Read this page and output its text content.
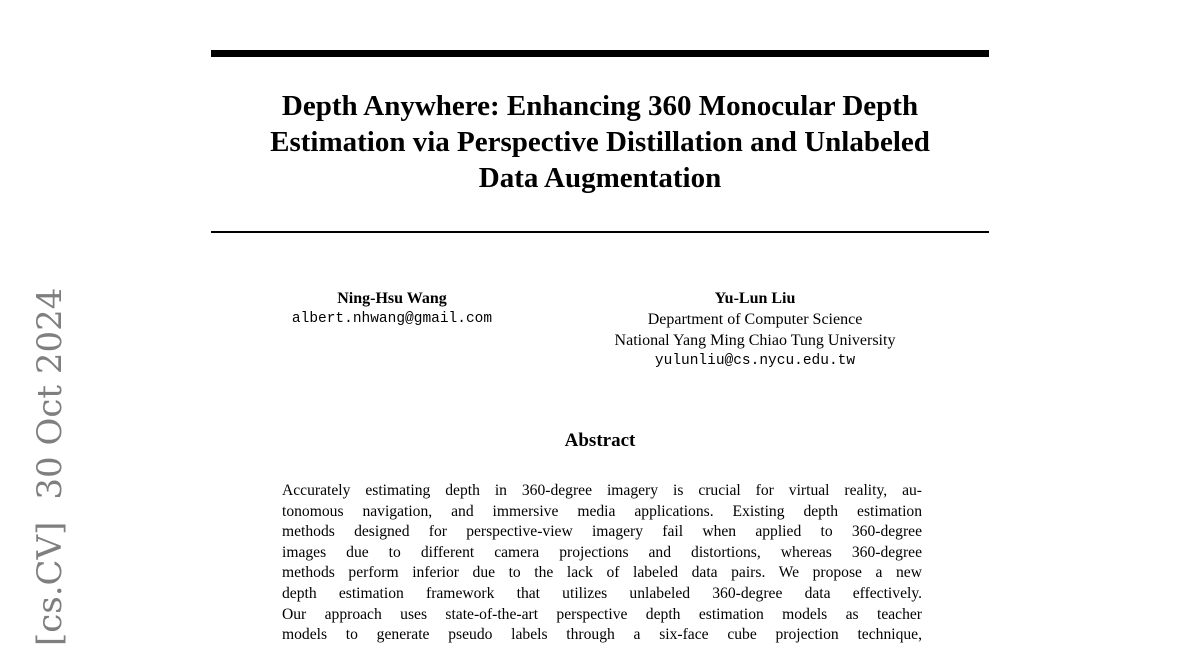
[cs.CV]30 Oct 2024
Depth Anywhere: Enhancing 360 Monocular Depth
Estimation via Perspective Distillation and Unlabeled
Data Augmentation
Ning-Hsu Wang
albert.nhwang@gmail.com
Yu-Lun Liu
Department of Computer Science
National Yang Ming Chiao Tung University
yulunliu@cs.nycu.edu.tw
Abstract
Accurately estimating depth in 360-degree imagery is crucial for virtual reality, au-
tonomous navigation, and immersive media applications. Existing depth estimation
methods designed for perspective-view imagery fail when applied to 360-degree
images due to different camera projections and distortions, whereas 360-degree
methods perform inferior due to the lack of labeled data pairs. We propose a new
depth estimation framework that utilizes unlabeled 360-degree data effectively.
Our approach uses state-of-the-art perspective depth estimation models as teacher
models to generate pseudo labels through a six-face cube projection technique,
